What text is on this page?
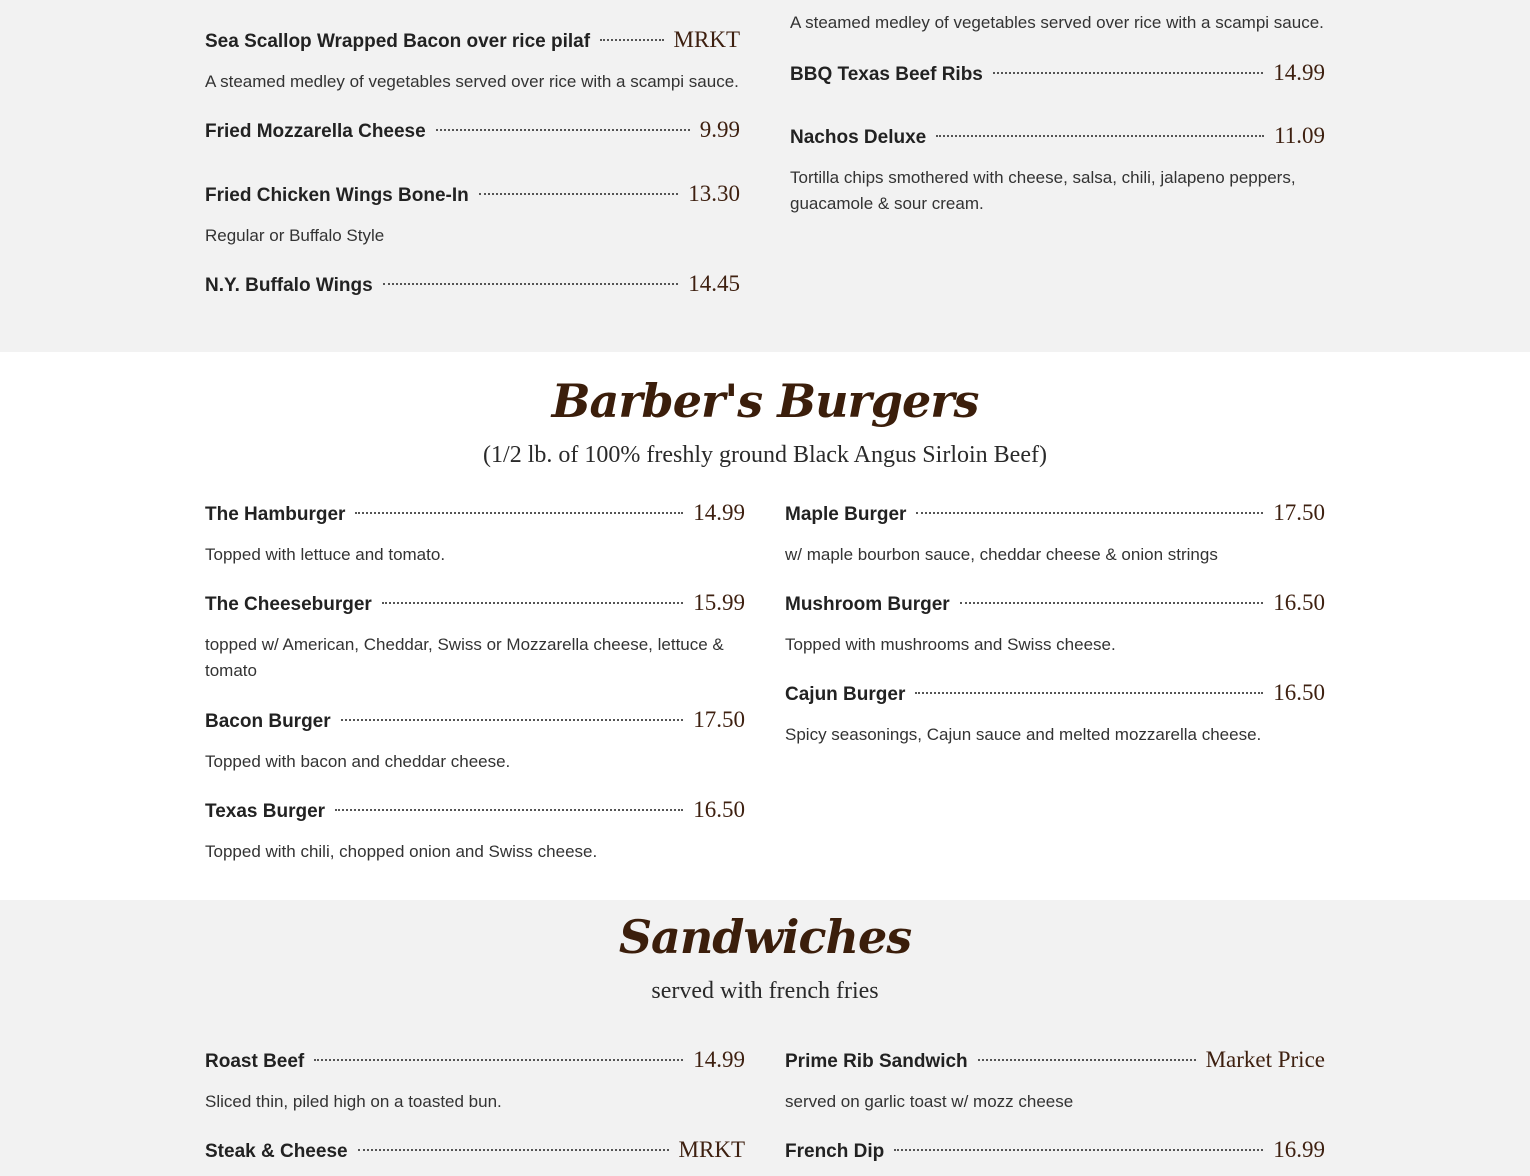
Sea Scallop Wrapped Bacon over rice pilaf	MRKT
A steamed medley of vegetables served over rice with a scampi sauce.
Fried Mozzarella Cheese	9.99
Fried Chicken Wings Bone-In	13.30
Regular or Buffalo Style
N.Y. Buffalo Wings	14.45
A steamed medley of vegetables served over rice with a scampi sauce.
BBQ Texas Beef Ribs	14.99
Nachos Deluxe	11.09
Tortilla chips smothered with cheese, salsa, chili, jalapeno peppers, guacamole & sour cream.
Barber's Burgers
(1/2 lb. of 100% freshly ground Black Angus Sirloin Beef)
The Hamburger	14.99
Topped with lettuce and tomato.
The Cheeseburger	15.99
topped w/ American, Cheddar, Swiss or Mozzarella cheese, lettuce & tomato
Bacon Burger	17.50
Topped with bacon and cheddar cheese.
Texas Burger	16.50
Topped with chili, chopped onion and Swiss cheese.
Maple Burger	17.50
w/ maple bourbon sauce, cheddar cheese & onion strings
Mushroom Burger	16.50
Topped with mushrooms and Swiss cheese.
Cajun Burger	16.50
Spicy seasonings, Cajun sauce and melted mozzarella cheese.
Sandwiches
served with french fries
Roast Beef	14.99
Sliced thin, piled high on a toasted bun.
Steak & Cheese	MRKT
Prime Rib Sandwich	Market Price
served on garlic toast w/ mozz cheese
French Dip	16.99
